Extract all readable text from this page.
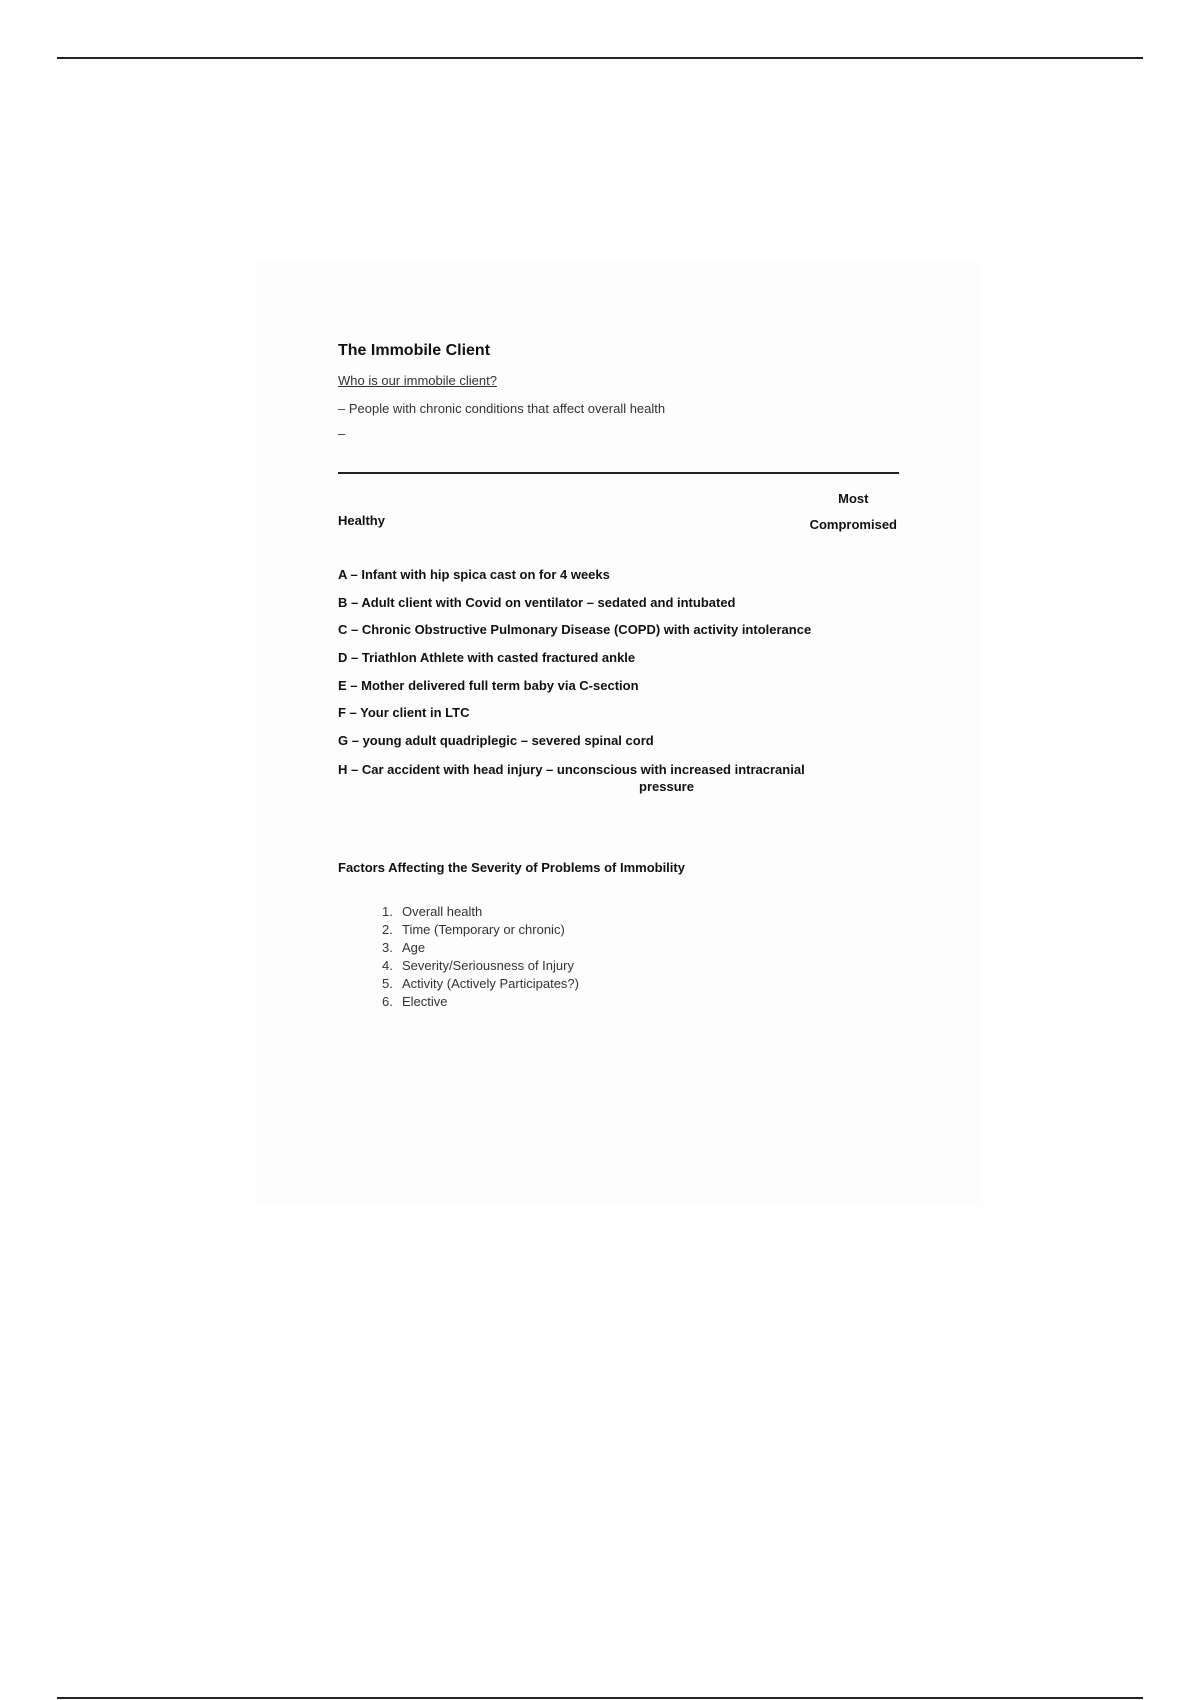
The Immobile Client
Who is our immobile client?
– People with chronic conditions that affect overall health
–
Healthy
Most
Compromised
A – Infant with hip spica cast on for 4 weeks
B – Adult client with Covid on ventilator – sedated and intubated
C – Chronic Obstructive Pulmonary Disease (COPD) with activity intolerance
D – Triathlon Athlete with casted fractured ankle
E – Mother delivered full term baby via C-section
F – Your client in LTC
G – young adult quadriplegic – severed spinal cord
H – Car accident with head injury – unconscious with increased intracranial
pressure
Factors Affecting the Severity of Problems of Immobility
1. Overall health
2. Time (Temporary or chronic)
3. Age
4. Severity/Seriousness of Injury
5. Activity (Actively Participates?)
6. Elective
